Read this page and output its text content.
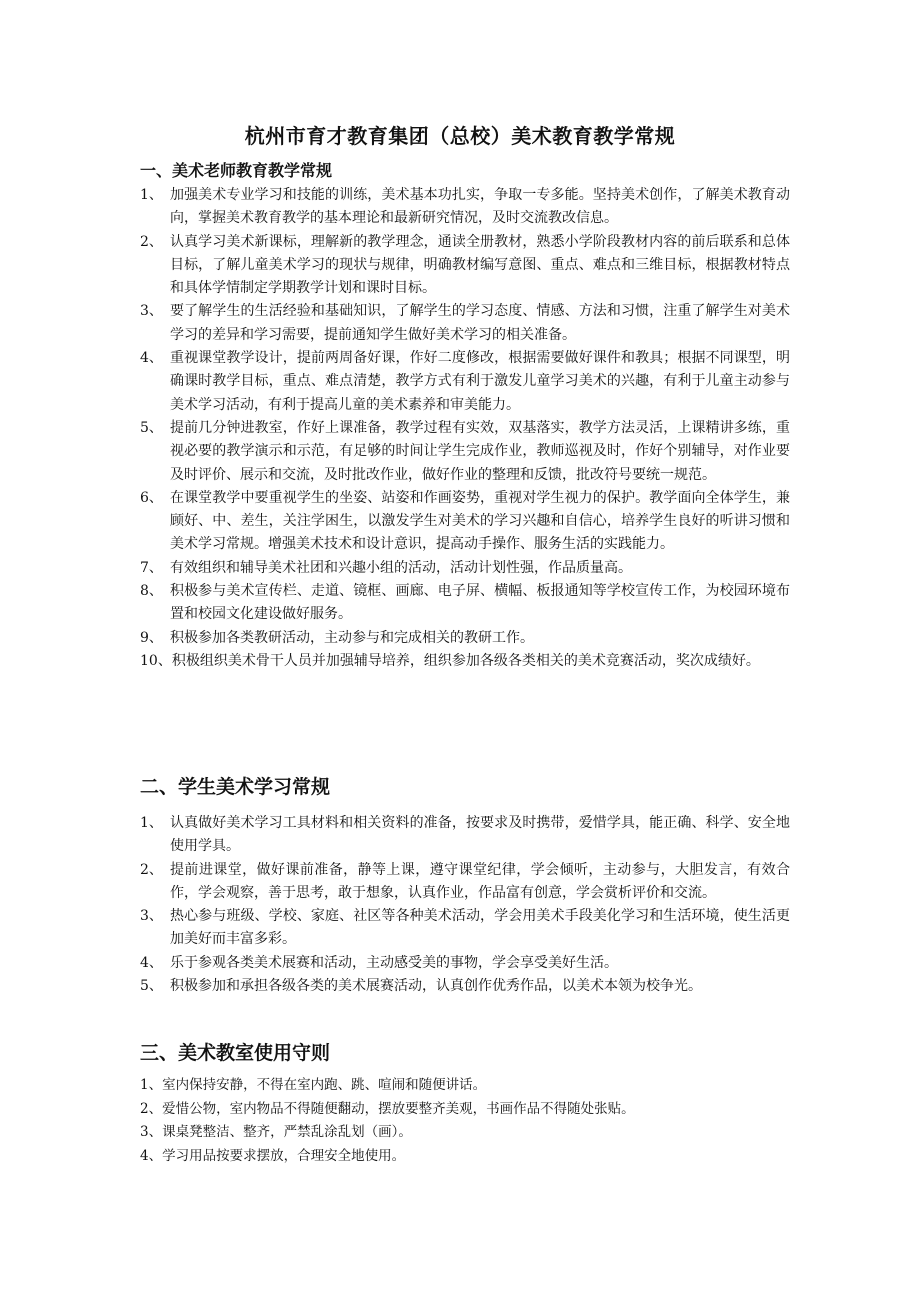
杭州市育才教育集团（总校）美术教育教学常规
一、美术老师教育教学常规
1、 加强美术专业学习和技能的训练，美术基本功扎实，争取一专多能。坚持美术创作，了解美术教育动向，掌握美术教育教学的基本理论和最新研究情况，及时交流教改信息。
2、 认真学习美术新课标，理解新的教学理念，通读全册教材，熟悉小学阶段教材内容的前后联系和总体目标，了解儿童美术学习的现状与规律，明确教材编写意图、重点、难点和三维目标，根据教材特点和具体学情制定学期教学计划和课时目标。
3、 要了解学生的生活经验和基础知识，了解学生的学习态度、情感、方法和习惯，注重了解学生对美术学习的差异和学习需要，提前通知学生做好美术学习的相关准备。
4、 重视课堂教学设计，提前两周备好课，作好二度修改，根据需要做好课件和教具；根据不同课型，明确课时教学目标，重点、难点清楚，教学方式有利于激发儿童学习美术的兴趣，有利于儿童主动参与美术学习活动，有利于提高儿童的美术素养和审美能力。
5、 提前几分钟进教室，作好上课准备，教学过程有实效，双基落实，教学方法灵活，上课精讲多练，重视必要的教学演示和示范，有足够的时间让学生完成作业，教师巡视及时，作好个别辅导，对作业要及时评价、展示和交流，及时批改作业，做好作业的整理和反馈，批改符号要统一规范。
6、 在课堂教学中要重视学生的坐姿、站姿和作画姿势，重视对学生视力的保护。教学面向全体学生，兼顾好、中、差生，关注学困生，以激发学生对美术的学习兴趣和自信心，培养学生良好的听讲习惯和美术学习常规。增强美术技术和设计意识，提高动手操作、服务生活的实践能力。
7、 有效组织和辅导美术社团和兴趣小组的活动，活动计划性强，作品质量高。
8、 积极参与美术宣传栏、走道、镜框、画廊、电子屏、横幅、板报通知等学校宣传工作，为校园环境布置和校园文化建设做好服务。
9、 积极参加各类教研活动，主动参与和完成相关的教研工作。
10、 积极组织美术骨干人员并加强辅导培养，组织参加各级各类相关的美术竞赛活动，奖次成绩好。
二、学生美术学习常规
1、 认真做好美术学习工具材料和相关资料的准备，按要求及时携带，爱惜学具，能正确、科学、安全地使用学具。
2、 提前进课堂，做好课前准备，静等上课，遵守课堂纪律，学会倾听，主动参与，大胆发言，有效合作，学会观察，善于思考，敢于想象，认真作业，作品富有创意，学会赏析评价和交流。
3、 热心参与班级、学校、家庭、社区等各种美术活动，学会用美术手段美化学习和生活环境，使生活更加美好而丰富多彩。
4、 乐于参观各类美术展赛和活动，主动感受美的事物，学会享受美好生活。
5、 积极参加和承担各级各类的美术展赛活动，认真创作优秀作品，以美术本领为校争光。
三、美术教室使用守则
1、 室内保持安静，不得在室内跑、跳、喧闹和随便讲话。
2、 爱惜公物，室内物品不得随便翻动，摆放要整齐美观，书画作品不得随处张贴。
3、 课桌凳整洁、整齐，严禁乱涂乱划（画）。
4、 学习用品按要求摆放，合理安全地使用。
